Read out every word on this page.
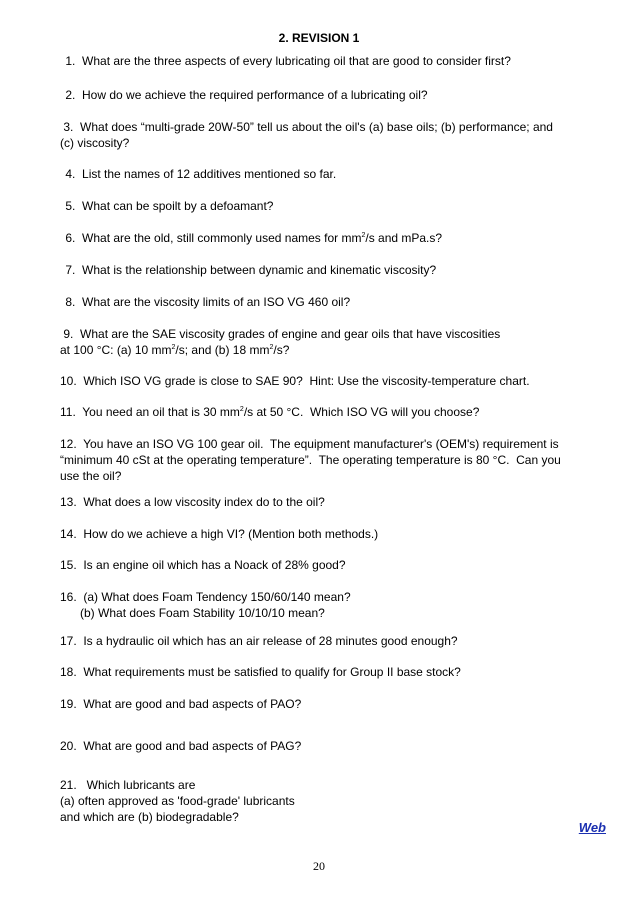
2. REVISION 1
1.  What are the three aspects of every lubricating oil that are good to consider first?
2.  How do we achieve the required performance of a lubricating oil?
3.  What does “multi-grade 20W-50” tell us about the oil's (a) base oils; (b) performance; and
(c) viscosity?
4.  List the names of 12 additives mentioned so far.
5.  What can be spoilt by a defoamant?
6.  What are the old, still commonly used names for $mm^2/s$ and mPa.s?
7.  What is the relationship between dynamic and kinematic viscosity?
8.  What are the viscosity limits of an ISO VG 460 oil?
9.  What are the SAE viscosity grades of engine and gear oils that have viscosities
at 100 °C: (a) 10 $mm^2/s$; and (b) 18 $mm^2/s$?
10.  Which ISO VG grade is close to SAE 90?  Hint: Use the viscosity-temperature chart.
11.  You need an oil that is 30 $mm^2/s$ at 50 °C.  Which ISO VG will you choose?
12.  You have an ISO VG 100 gear oil.  The equipment manufacturer's (OEM's) requirement is
“minimum 40 cSt at the operating temperature”.  The operating temperature is 80 °C.  Can you
use the oil?
13.  What does a low viscosity index do to the oil?
14.  How do we achieve a high VI? (Mention both methods.)
15.  Is an engine oil which has a Noack of 28% good?
16.  (a) What does Foam Tendency 150/60/140 mean?
(b) What does Foam Stability 10/10/10 mean?
17.  Is a hydraulic oil which has an air release of 28 minutes good enough?
18.  What requirements must be satisfied to qualify for Group II base stock?
19.  What are good and bad aspects of PAO?
20.  What are good and bad aspects of PAG?
21.   Which lubricants are
(a) often approved as 'food-grade' lubricants
and which are (b) biodegradable?
Web
20
